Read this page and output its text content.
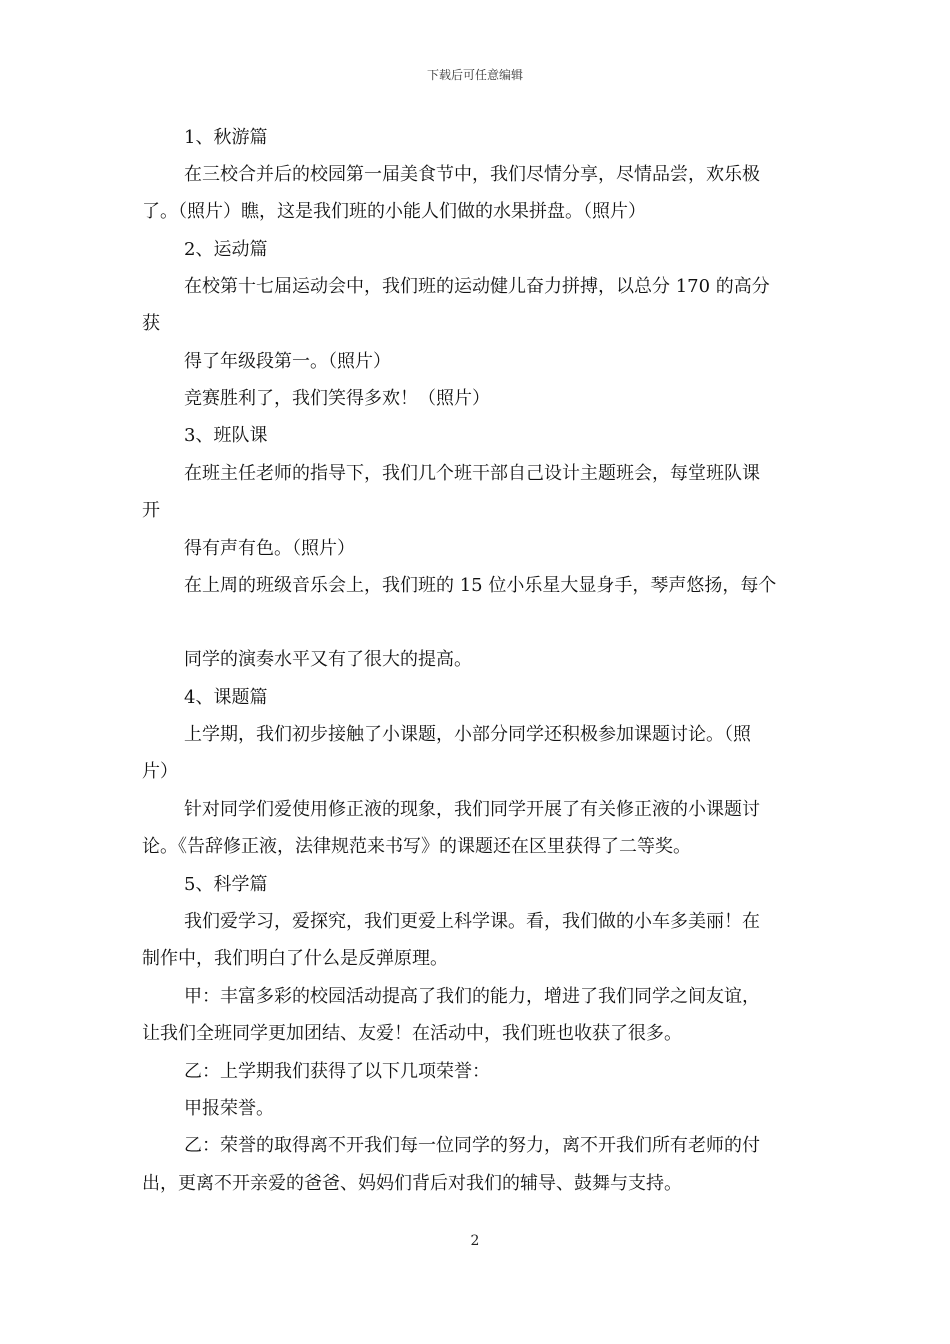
下载后可任意编辑
1、秋游篇
在三校合并后的校园第一届美食节中，我们尽情分享，尽情品尝，欢乐极
了。（照片）瞧，这是我们班的小能人们做的水果拼盘。（照片）
2、运动篇
在校第十七届运动会中，我们班的运动健儿奋力拼搏，以总分 170 的高分
获
得了年级段第一。（照片）
竞赛胜利了，我们笑得多欢！（照片）
3、班队课
在班主任老师的指导下，我们几个班干部自己设计主题班会，每堂班队课
开
得有声有色。（照片）
在上周的班级音乐会上，我们班的 15 位小乐星大显身手，琴声悠扬，每个
同学的演奏水平又有了很大的提高。
4、课题篇
上学期，我们初步接触了小课题，小部分同学还积极参加课题讨论。（照
片）
针对同学们爱使用修正液的现象，我们同学开展了有关修正液的小课题讨
论。《告辞修正液，法律规范来书写》的课题还在区里获得了二等奖。
5、科学篇
我们爱学习，爱探究，我们更爱上科学课。看，我们做的小车多美丽！在
制作中，我们明白了什么是反弹原理。
甲：丰富多彩的校园活动提高了我们的能力，增进了我们同学之间友谊，
让我们全班同学更加团结、友爱！在活动中，我们班也收获了很多。
乙：上学期我们获得了以下几项荣誉：
甲报荣誉。
乙：荣誉的取得离不开我们每一位同学的努力，离不开我们所有老师的付
出，更离不开亲爱的爸爸、妈妈们背后对我们的辅导、鼓舞与支持。
2
